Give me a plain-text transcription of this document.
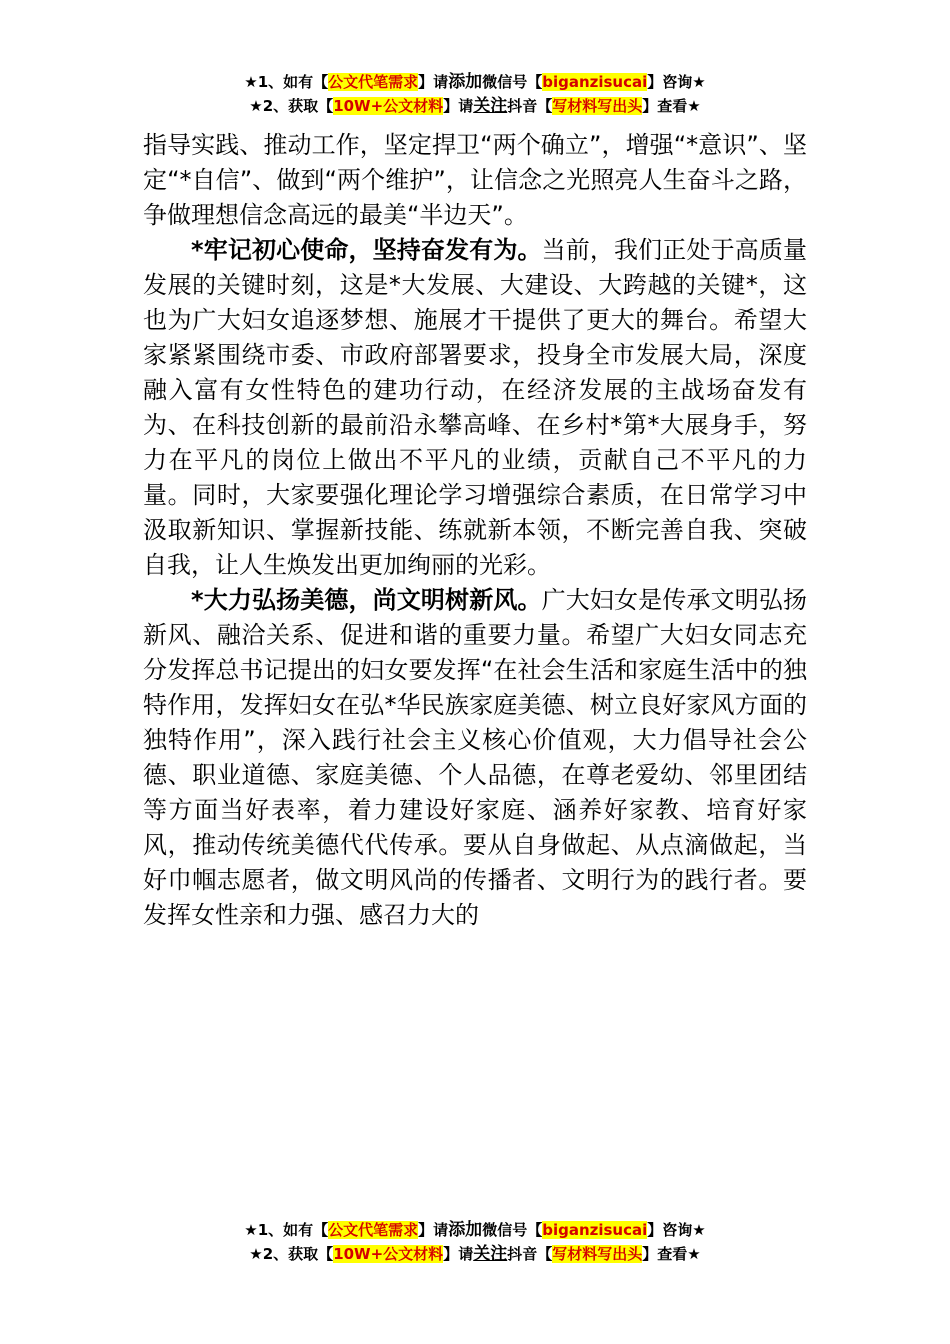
★1、如有【公文代笔需求】请添加微信号【biganzisucai】咨询★
★2、获取【10W+公文材料】请关注抖音【写材料写出头】查看★

指导实践、推动工作，坚定捍卫“两个确立”，增强“*意识”、坚定“*自信”、做到“两个维护”，让信念之光照亮人生奋斗之路，争做理想信念高远的最美“半边天”。

*牢记初心使命，坚持奋发有为。当前，我们正处于高质量发展的关键时刻，这是*大发展、大建设、大跨越的关键*，这也为广大妇女追逐梦想、施展才干提供了更大的舞台。希望大家紧紧围绕市委、市政府部署要求，投身全市发展大局，深度融入富有女性特色的建功行动，在经济发展的主战场奋发有为、在科技创新的最前沿永攀高峰、在乡村*第*大展身手，努力在平凡的岗位上做出不平凡的业绩，贡献自己不平凡的力量。同时，大家要强化理论学习增强综合素质，在日常学习中汲取新知识、掌握新技能、练就新本领，不断完善自我、突破自我，让人生焕发出更加绚丽的光彩。

*大力弘扬美德，尚文明树新风。广大妇女是传承文明弘扬新风、融洽关系、促进和谐的重要力量。希望广大妇女同志充分发挥总书记提出的妇女要发挥“在社会生活和家庭生活中的独特作用，发挥妇女在弘*华民族家庭美德、树立良好家风方面的独特作用”，深入践行社会主义核心价值观，大力倡导社会公德、职业道德、家庭美德、个人品德，在尊老爱幼、邻里团结等方面当好表率，着力建设好家庭、涵养好家教、培育好家风，推动传统美德代代传承。要从自身做起、从点滴做起，当好巾帼志愿者，做文明风尚的传播者、文明行为的践行者。要发挥女性亲和力强、感召力大的

★1、如有【公文代笔需求】请添加微信号【biganzisucai】咨询★
★2、获取【10W+公文材料】请关注抖音【写材料写出头】查看★
